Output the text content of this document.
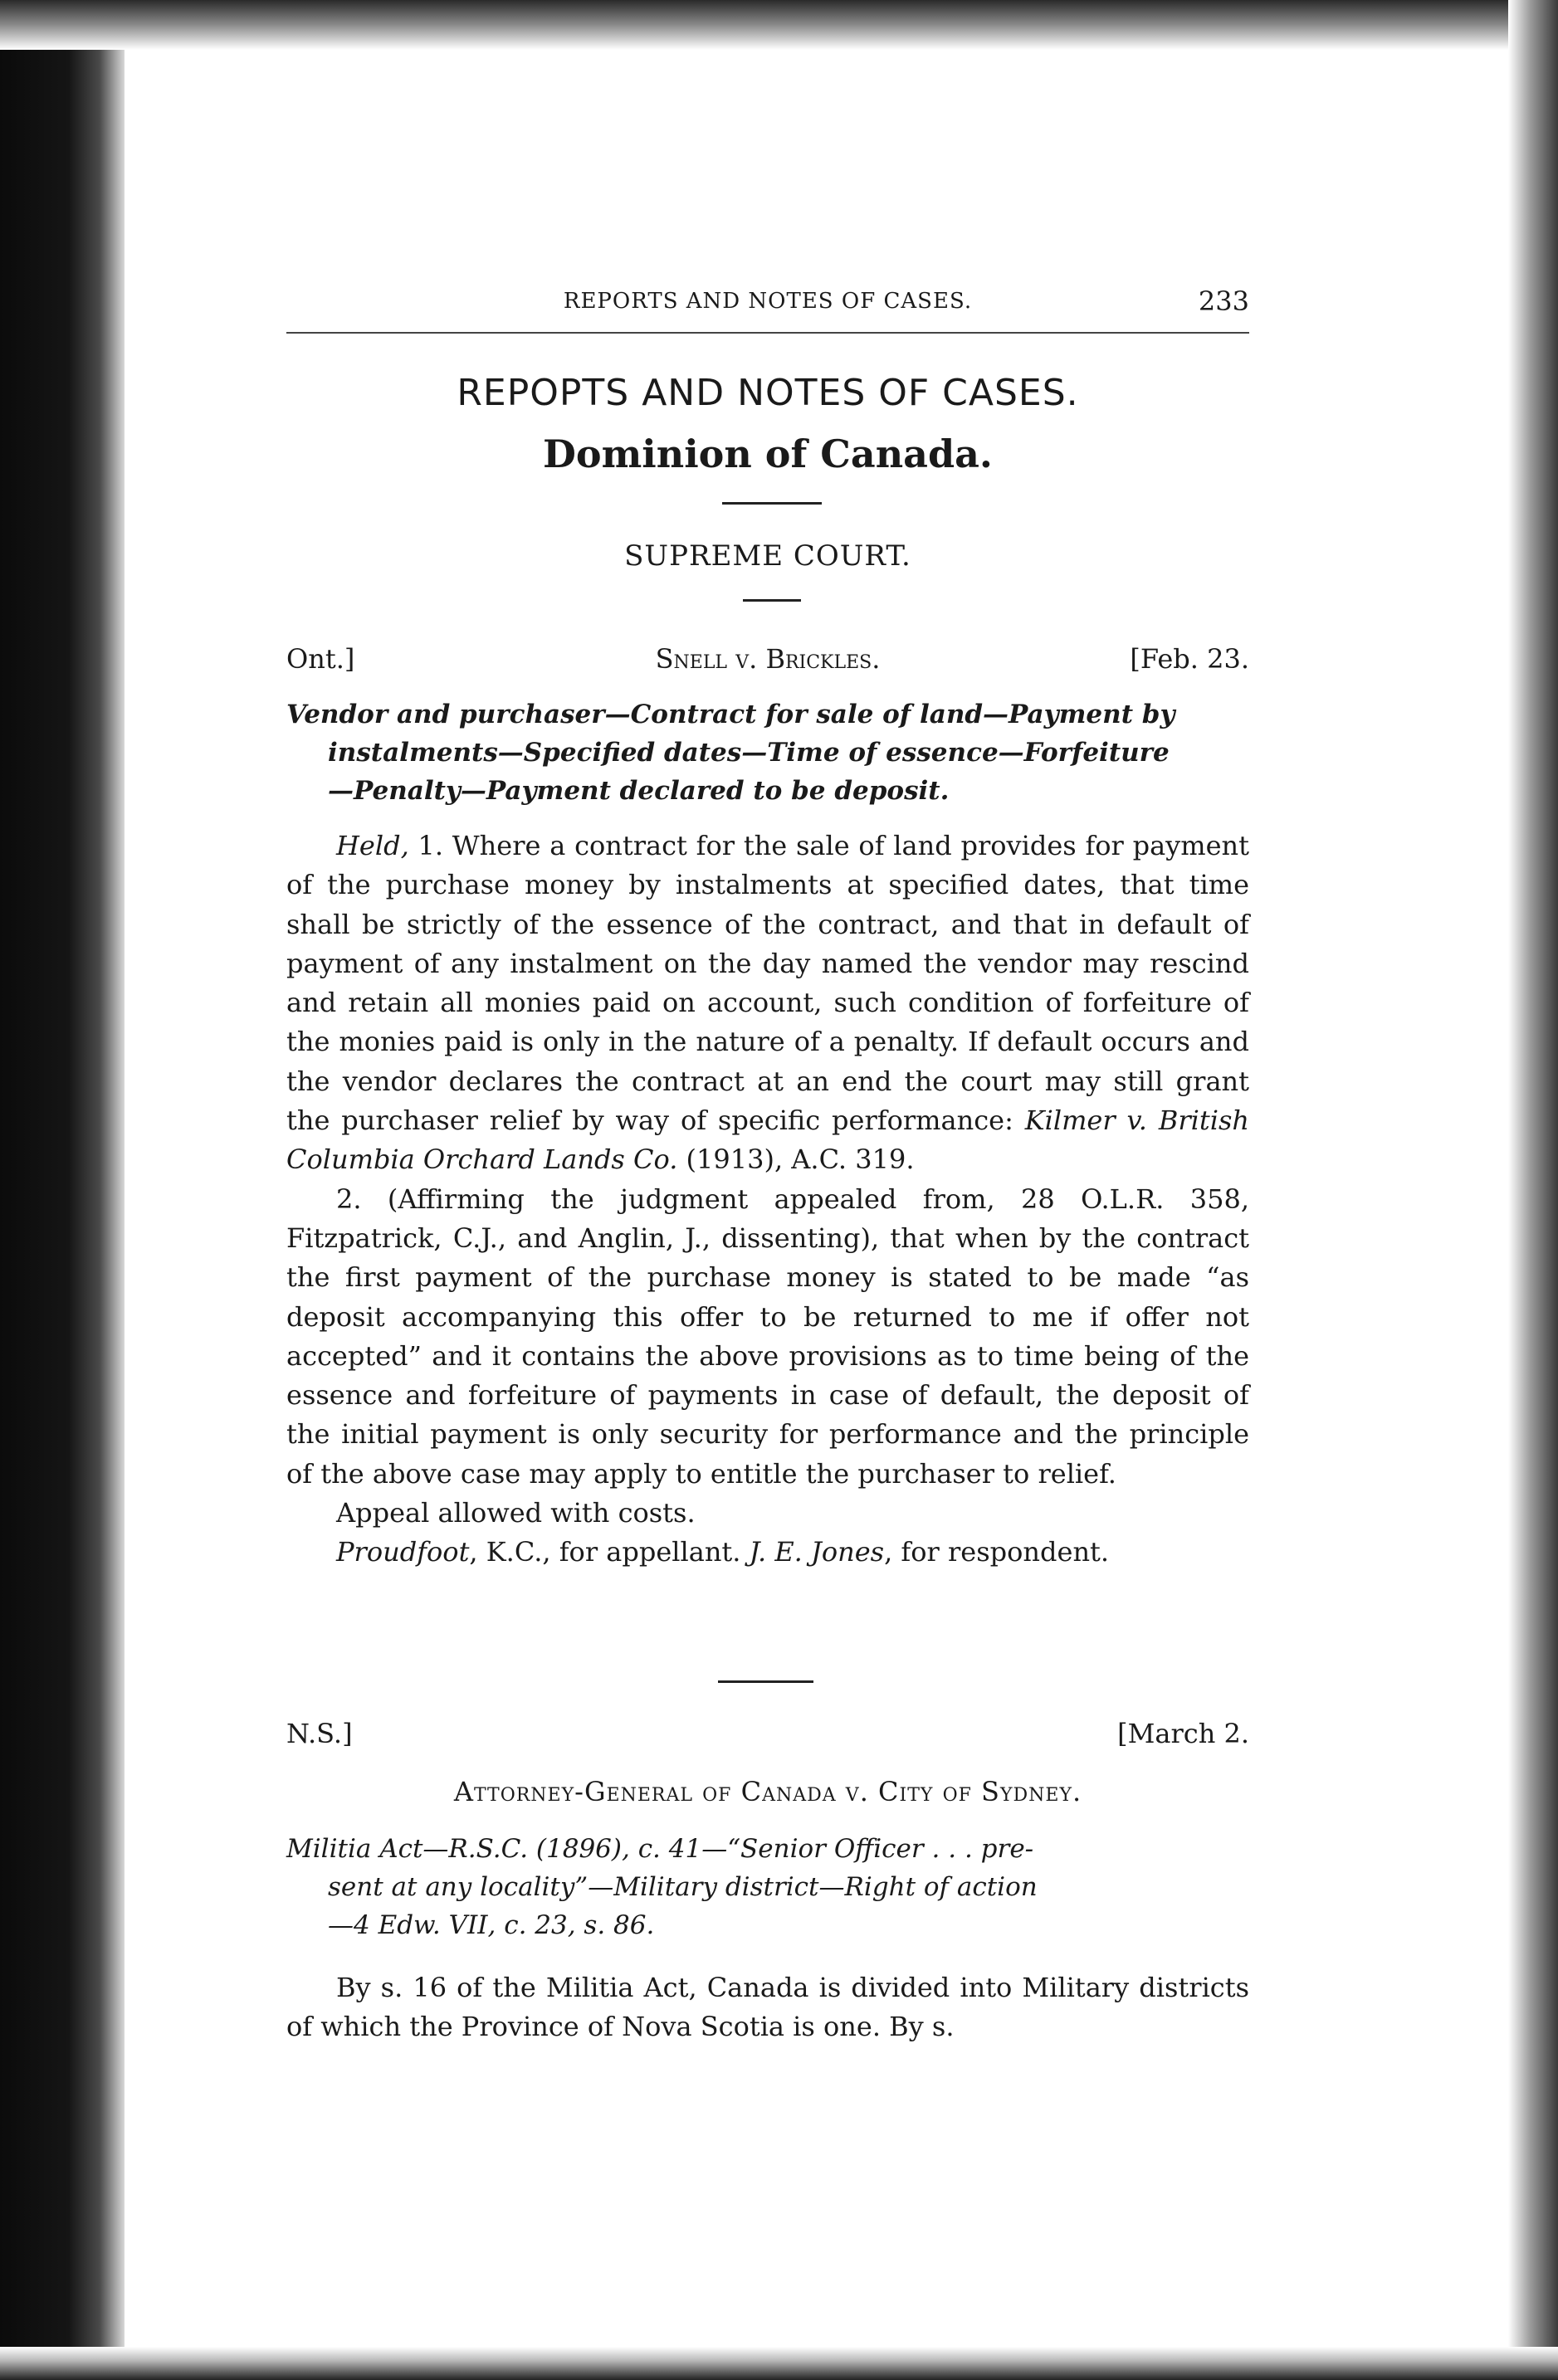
REPORTS AND NOTES OF CASES.	233
REPOPTS AND NOTES OF CASES.
Dominion of Canada.
SUPREME COURT.
Ont.]	Snell v. Brickles.	[Feb. 23.
Vendor and purchaser—Contract for sale of land—Payment by
instalments—Specified dates—Time of essence—Forfeiture
—Penalty—Payment declared to be deposit.

Held, 1. Where a contract for the sale of land provides for payment of the purchase money by instalments at specified dates, that time shall be strictly of the essence of the contract, and that in default of payment of any instalment on the day named the vendor may rescind and retain all monies paid on account, such condition of forfeiture of the monies paid is only in the nature of a penalty. If default occurs and the vendor declares the contract at an end the court may still grant the purchaser relief by way of specific performance: Kilmer v. British Columbia Orchard Lands Co. (1913), A.C. 319.

2. (Affirming the judgment appealed from, 28 O.L.R. 358, Fitzpatrick, C.J., and Anglin, J., dissenting), that when by the contract the first payment of the purchase money is stated to be made “as deposit accompanying this offer to be returned to me if offer not accepted” and it contains the above provisions as to time being of the essence and forfeiture of payments in case of default, the deposit of the initial payment is only security for performance and the principle of the above case may apply to entitle the purchaser to relief.

Appeal allowed with costs.

Proudfoot, K.C., for appellant. J. E. Jones, for respondent.

N.S.]	[March 2.
Attorney-General of Canada v. City of Sydney.
Militia Act—R.S.C. (1896), c. 41—“Senior Officer . . . pre-
sent at any locality”—Military district—Right of action
—4 Edw. VII, c. 23, s. 86.

By s. 16 of the Militia Act, Canada is divided into Military districts of which the Province of Nova Scotia is one. By s.
